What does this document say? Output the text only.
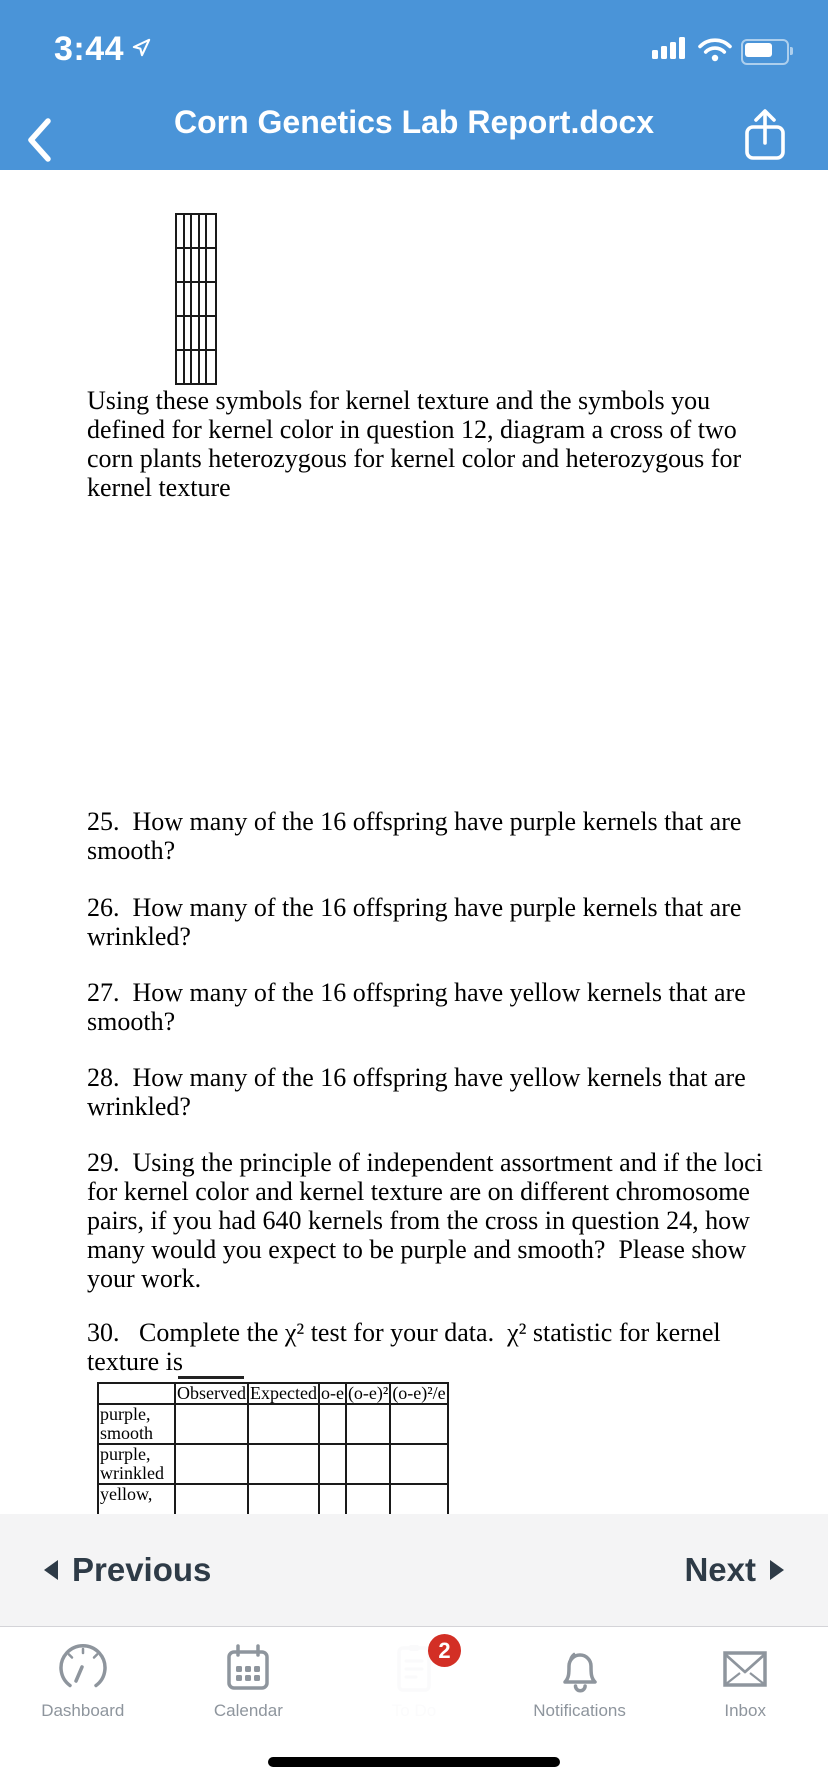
3:44
Corn Genetics Lab Report.docx
Using these symbols for kernel texture and the symbols you
defined for kernel color in question 12, diagram a cross of two
corn plants heterozygous for kernel color and heterozygous for
kernel texture
25.  How many of the 16 offspring have purple kernels that are
smooth?
26.  How many of the 16 offspring have purple kernels that are
wrinkled?
27.  How many of the 16 offspring have yellow kernels that are
smooth?
28.  How many of the 16 offspring have yellow kernels that are
wrinkled?
29.  Using the principle of independent assortment and if the loci
for kernel color and kernel texture are on different chromosome
pairs, if you had 640 kernels from the cross in question 24, how
many would you expect to be purple and smooth?  Please show
your work.
30.   Complete the χ² test for your data.  χ² statistic for kernel
texture is
	Observed	Expected	o-e	(o-e)²	(o-e)²/e

purple,
smooth					

purple,
wrinkled					

yellow,					

Previous	Next
Dashboard	Calendar	To Do
2
Notifications	Inbox
